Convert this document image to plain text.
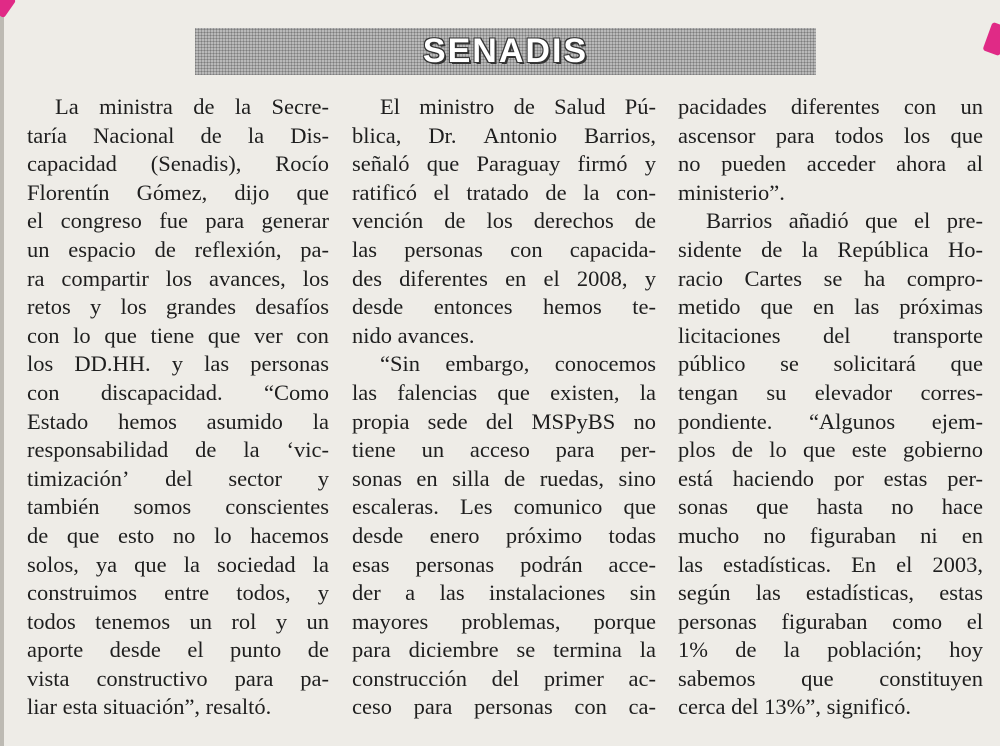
SENADIS
La ministra de la Secre-
taría Nacional de la Dis-
capacidad (Senadis), Rocío
Florentín Gómez, dijo que
el congreso fue para generar
un espacio de reflexión, pa-
ra compartir los avances, los
retos y los grandes desafíos
con lo que tiene que ver con
los DD.HH. y las personas
con discapacidad. “Como
Estado hemos asumido la
responsabilidad de la ‘vic-
timización’ del sector y
también somos conscientes
de que esto no lo hacemos
solos, ya que la sociedad la
construimos entre todos, y
todos tenemos un rol y un
aporte desde el punto de
vista constructivo para pa-
liar esta situación”, resaltó.
El ministro de Salud Pú-
blica, Dr. Antonio Barrios,
señaló que Paraguay firmó y
ratificó el tratado de la con-
vención de los derechos de
las personas con capacida-
des diferentes en el 2008, y
desde entonces hemos te-
nido avances.
“Sin embargo, conocemos
las falencias que existen, la
propia sede del MSPyBS no
tiene un acceso para per-
sonas en silla de ruedas, sino
escaleras. Les comunico que
desde enero próximo todas
esas personas podrán acce-
der a las instalaciones sin
mayores problemas, porque
para diciembre se termina la
construcción del primer ac-
ceso para personas con ca-
pacidades diferentes con un
ascensor para todos los que
no pueden acceder ahora al
ministerio”.
Barrios añadió que el pre-
sidente de la República Ho-
racio Cartes se ha compro-
metido que en las próximas
licitaciones del transporte
público se solicitará que
tengan su elevador corres-
pondiente. “Algunos ejem-
plos de lo que este gobierno
está haciendo por estas per-
sonas que hasta no hace
mucho no figuraban ni en
las estadísticas. En el 2003,
según las estadísticas, estas
personas figuraban como el
1% de la población; hoy
sabemos que constituyen
cerca del 13%”, significó.
